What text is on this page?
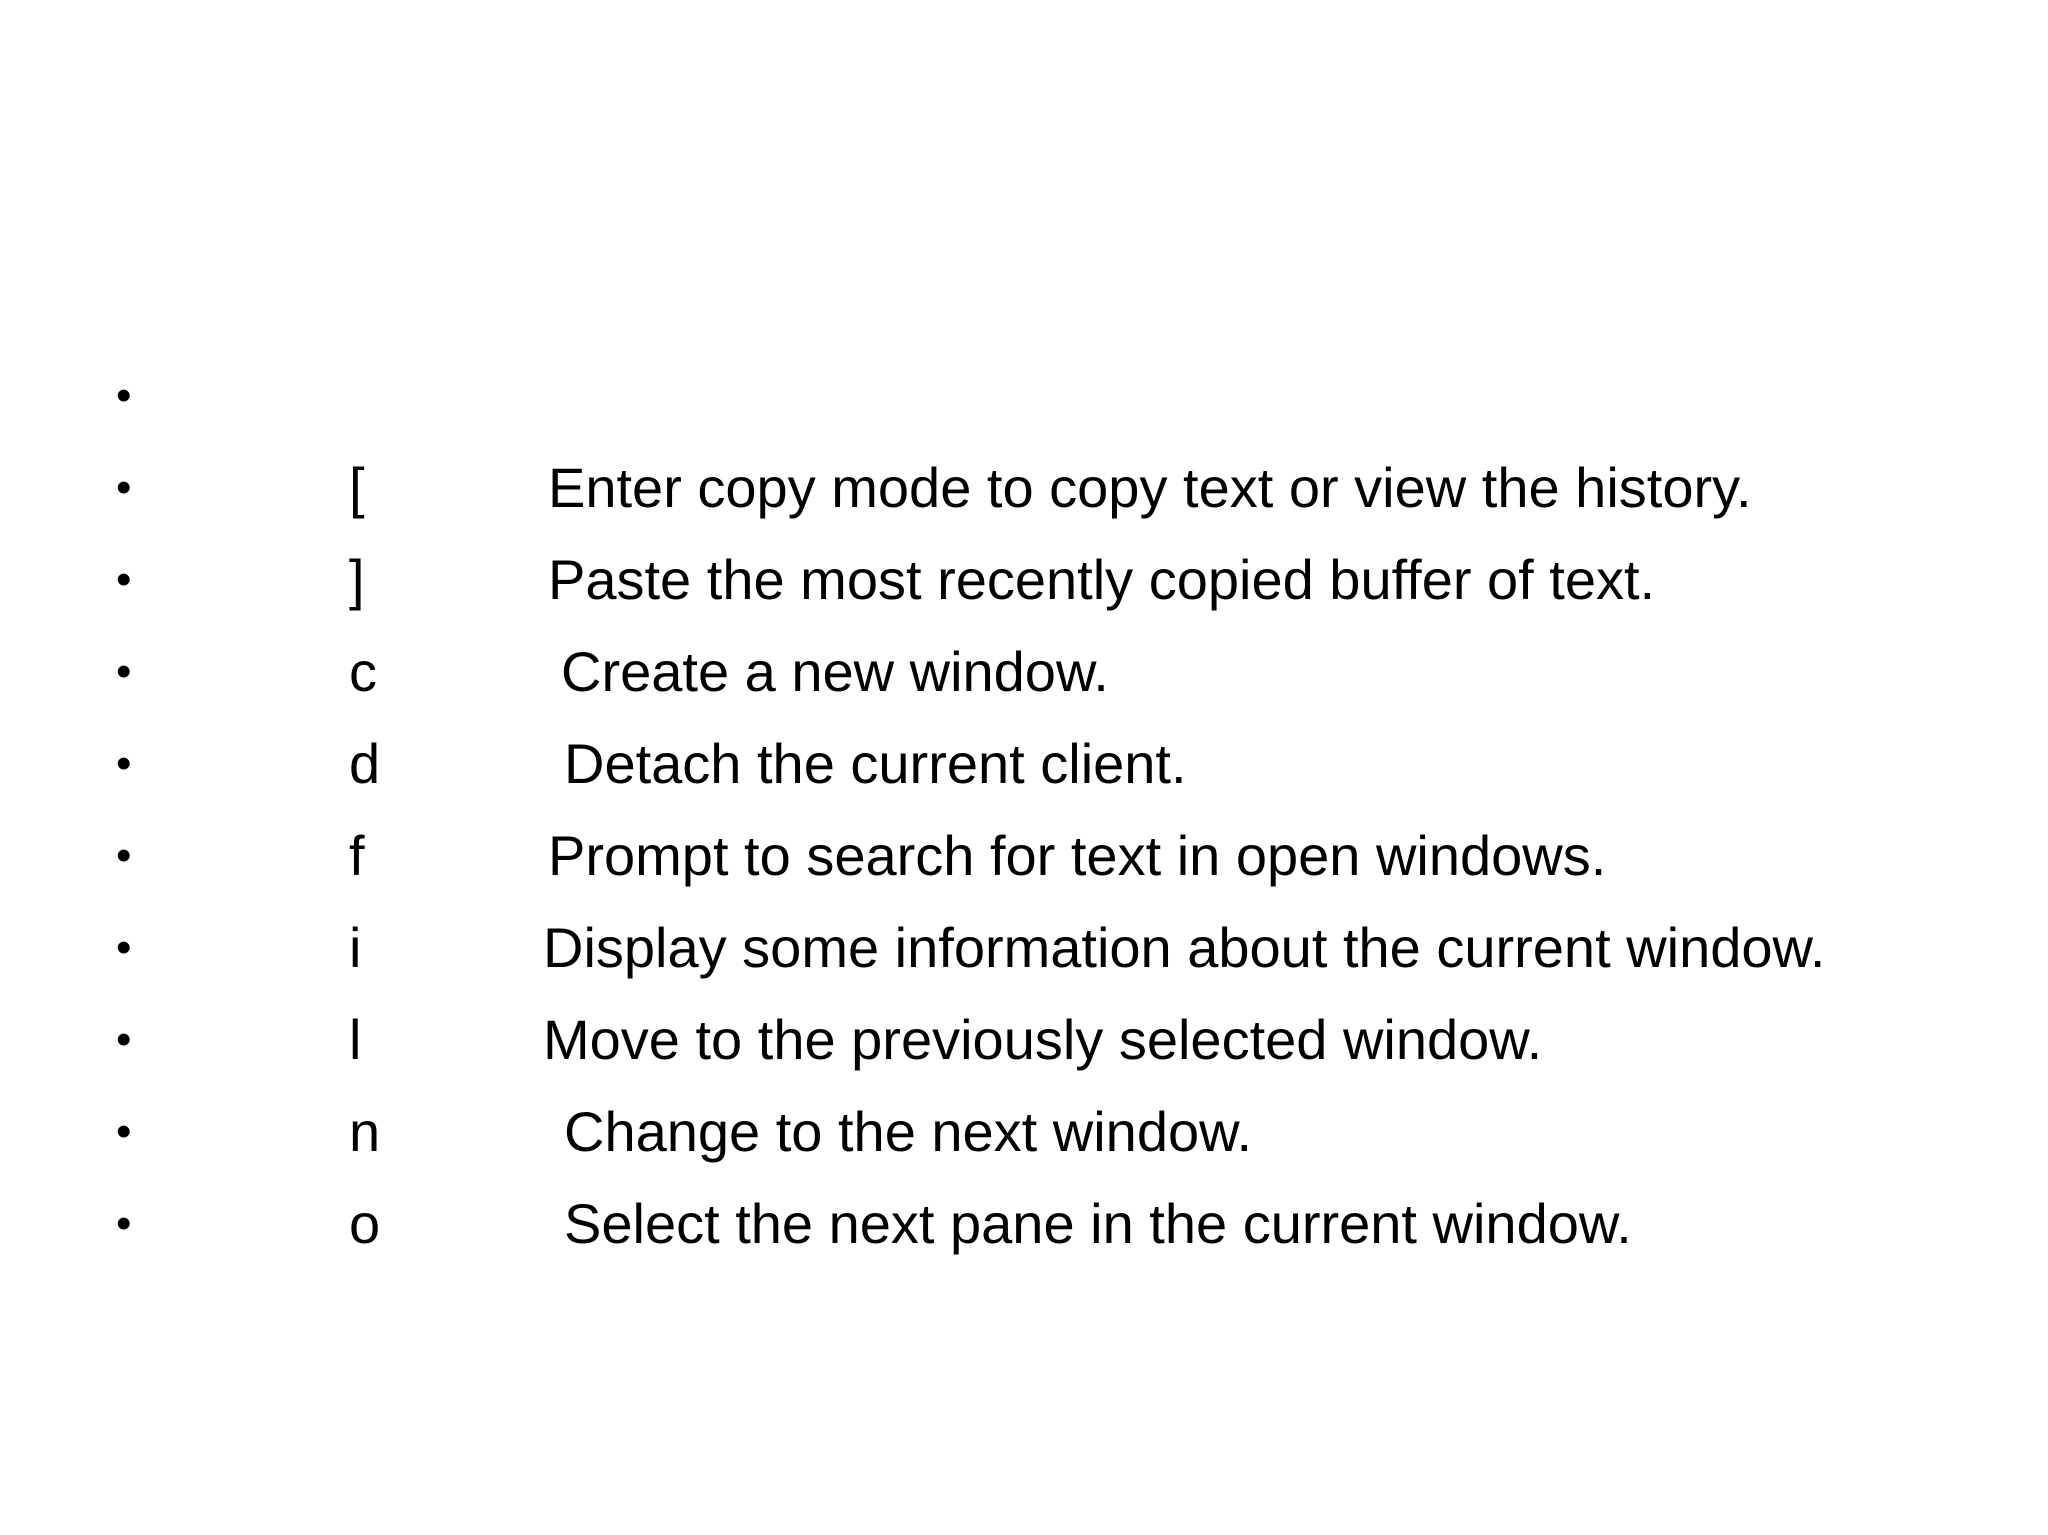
•
•	[	Enter copy mode to copy text or view the history.
•	]	Paste the most recently copied buffer of text.
•	c	Create a new window.
•	d	Detach the current client.
•	f	Prompt to search for text in open windows.
•	i	Display some information about the current window.
•	l	Move to the previously selected window.
•	n	Change to the next window.
•	o	Select the next pane in the current window.
